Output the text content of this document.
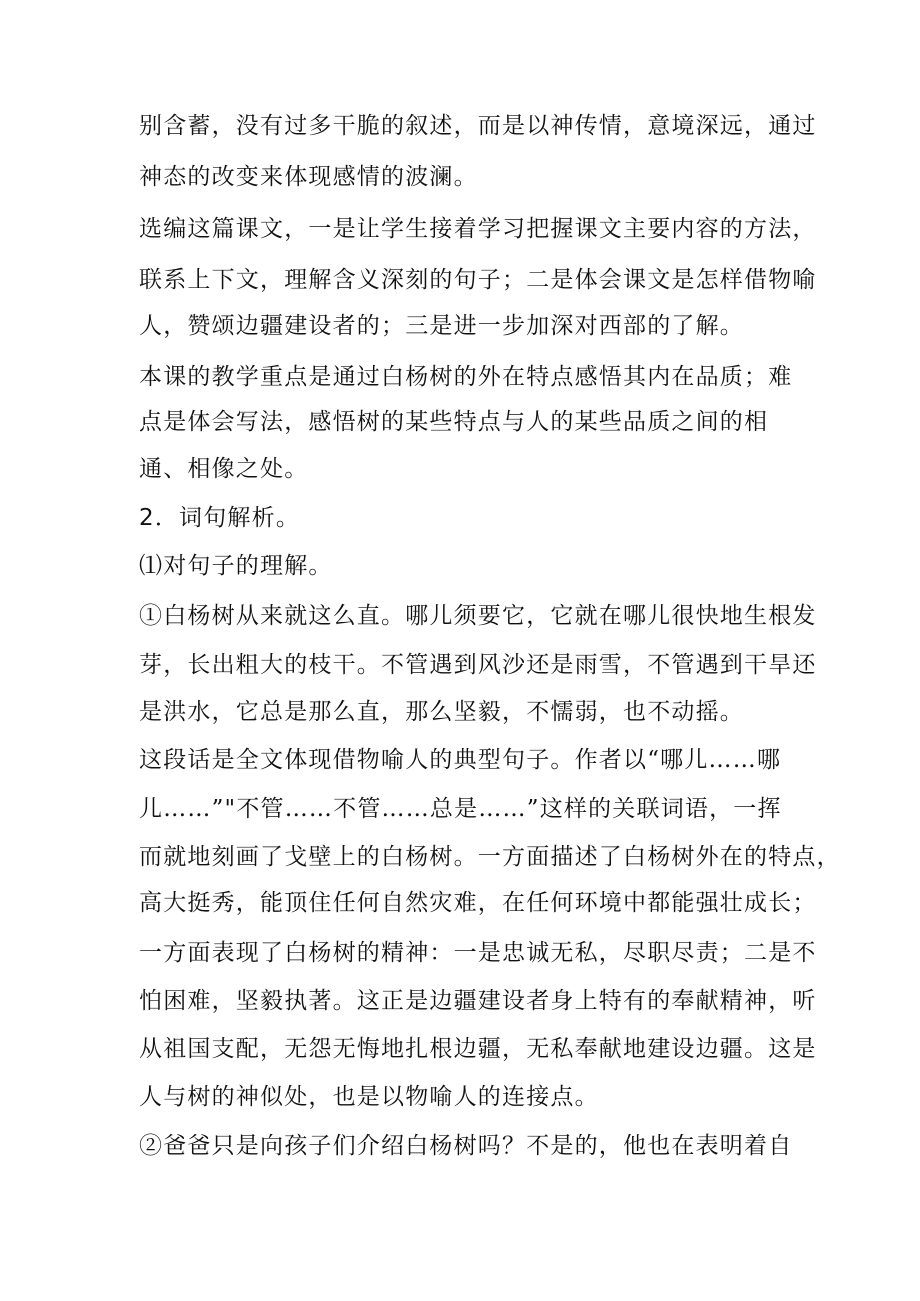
别含蓄，没有过多干脆的叙述，而是以神传情，意境深远，通过
神态的改变来体现感情的波澜。
选编这篇课文，一是让学生接着学习把握课文主要内容的方法，
联系上下文，理解含义深刻的句子；二是体会课文是怎样借物喻
人，赞颂边疆建设者的；三是进一步加深对西部的了解。
本课的教学重点是通过白杨树的外在特点感悟其内在品质；难
点是体会写法，感悟树的某些特点与人的某些品质之间的相
通、相像之处。
2．词句解析。
⑴对句子的理解。
①白杨树从来就这么直。哪儿须要它，它就在哪儿很快地生根发
芽，长出粗大的枝干。不管遇到风沙还是雨雪，不管遇到干旱还
是洪水，它总是那么直，那么坚毅，不懦弱，也不动摇。
这段话是全文体现借物喻人的典型句子。作者以“哪儿……哪
儿……”"不管……不管……总是……”这样的关联词语，一挥
而就地刻画了戈壁上的白杨树。一方面描述了白杨树外在的特点，
高大挺秀，能顶住任何自然灾难，在任何环境中都能强壮成长；
一方面表现了白杨树的精神：一是忠诚无私，尽职尽责；二是不
怕困难，坚毅执著。这正是边疆建设者身上特有的奉献精神，听
从祖国支配，无怨无悔地扎根边疆，无私奉献地建设边疆。这是
人与树的神似处，也是以物喻人的连接点。
②爸爸只是向孩子们介绍白杨树吗？不是的，他也在表明着自
